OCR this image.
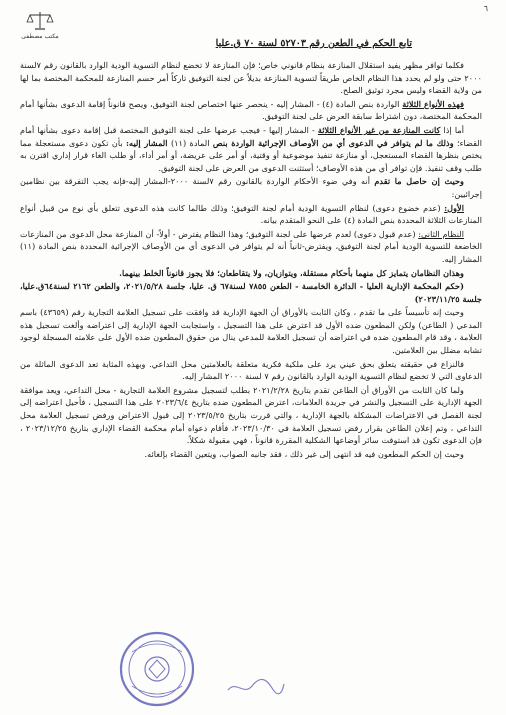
٦
مكتب مصطفى
تابع الحكم في الطعن رقم ٥٢٧٠٣ لسنة ٧٠ ق.عليا

فكلما توافر مظهر يفيد استقلال المنازعة بنظام قانوني خاص؛ فإن المنازعة لا تخضع لنظام التسوية الودية الوارد بالقانون رقم ٧لسنة ٢٠٠٠ حتى ولو لم يحدد هذا النظام الخاص طريقاً لتسوية المنازعة بديلاً عن لجنة التوفيق تاركاً أمر حسم المنازعة للمحكمة المختصة بما لها من ولاية القضاء وليس مجرد توثيق الصلح.

فهذه الأنواع الثلاثة الواردة بنص المادة (٤) - المشار إليه - ينحصر عنها اختصاص لجنة التوفيق، ويصح قانوناً إقامة الدعوى بشأنها أمام المحكمة المختصة، دون اشتراط سابقة العرض على لجنة التوفيق.

أما إذا كانت المنازعة من غير الأنواع الثلاثة - المشار إليها - فيجب عرضها على لجنة التوفيق المختصة قبل إقامة دعوى بشأنها أمام القضاء؛ وذلك ما لم يتوافر في الدعوى أي من الأوصاف الإجرائية الواردة بنص المادة (١١) المشار إليه: بأن تكون دعوى مستعجلة مما يختص بنظرها القضاء المستعجل، أو منازعة تنفيذ موضوعية أو وقتية، أو أمر على عريضة، أو أمر أداء، أو طلب الغاء قرار إداري اقترن به طلب وقف تنفيذ. فإن توافر أي من هذه الأوصاف؛ أستثنت الدعوى من العرض على لجنة التوفيق.

وحيث إن حاصل ما تقدم أنه وفي ضوء الأحكام الواردة بالقانون رقم ٧لسنة ٢٠٠٠-المشار إليه-فإنه يجب التفرقة بين نظامين إجرائيين:

الأول: (عدم خضوع دعوى) لنظام التسوية الودية أمام لجنة التوفيق؛ وذلك طالما كانت هذه الدعوى تتعلق بأي نوع من قبيل أنواع المنازعات الثلاثة المحددة بنص المادة (٤) على النحو المتقدم بيانه.

النظام الثاني: (عدم قبول دعوى) لعدم عرضها على لجنة التوفيق؛ وهذا النظام يفترض - أولاً- أن المنازعة محل الدعوى من المنازعات الخاضعة للتسوية الودية أمام لجنة التوفيق، ويفترض-ثانياً أنه لم يتوافر في الدعوى أي من الأوصاف الإجرائية المحددة بنص المادة (١١) المشار إليه.

وهذان النظامان يتمايز كل منهما بأحكام مستقلة، ويتوازيان، ولا يتقاطعان؛ فلا يجوز قانوناً الخلط بينهما.

(حكم المحكمة الإدارية العليا - الدائرة الخامسة - الطعن ٧٨٥٥ لسنة٦٧ ق. عليا، جلسة ٢٠٢١/٥/٢٨، والطعن ٢١٦٢ لسنة٦٤ق.عليا، جلسة ٢٠٢٣/١١/٢٥)

وحيث إنه تأسيساً على ما تقدم ، وكان الثابت بالأوراق أن الجهة الإدارية قد وافقت على تسجيل العلامة التجارية رقم (٤٣٦٥٩) باسم المدعي ( الطاعن) ولكن المطعون ضده الأول قد اعترض على هذا التسجيل ، واستجابت الجهة الإدارية إلى اعتراضه وألغت تسجيل هذه العلامة ، وقد قام المطعون ضده في اعتراضه أن تسجيل العلامة للمدعي ينال من حقوق المطعون ضده الأول على علامته المسجلة لوجود تشابه مضلل بين العلامتين.

فالنزاع في حقيقته يتعلق بحق عيني يرد على ملكية فكرية متعلقة بالعلامتين محل التداعي. وبهذه المثابة تعد الدعوى الماثلة من الدعاوى التي لا تخضع لنظام التسوية الودية الوارد بالقانون رقم ٧ لسنة ٢٠٠٠ المشار إليه.

ولما كان الثابت من الأوراق أن الطاعن تقدم بتاريخ ٢٠٢١/٢/٢٨ بطلب لتسجيل مشروع العلامة التجارية - محل التداعي، ويعد موافقة الجهة الإدارية على التسجيل والنشر في جريدة العلامات، اعترض المطعون ضده بتاريخ ٢٠٢٣/٦/٤ على هذا التسجيل ، فأحيل اعتراضه إلى لجنة الفصل في الاعتراضات المشكلة بالجهة الإدارية ، والتي قررت بتاريخ ٢٠٢٣/٥/٢٥ إلى قبول الاعتراض ورفض تسجيل العلامة محل التداعي ، وتم إعلان الطاعن بقرار رفض تسجيل العلامة في ٢٠٢٣/١٠/٣٠، فأقام دعواه أمام محكمة القضاء الإداري بتاريخ ٢٠٢٣/١٢/٢٥ ، فإن الدعوى تكون قد استوفت سائر أوضاعها الشكلية المقررة قانوناً ، فهي مقبولة شكلاً.

وحيث إن الحكم المطعون فيه قد انتهى إلى غير ذلك ، فقد جانبه الصواب، ويتعين القضاء بإلغائه.
